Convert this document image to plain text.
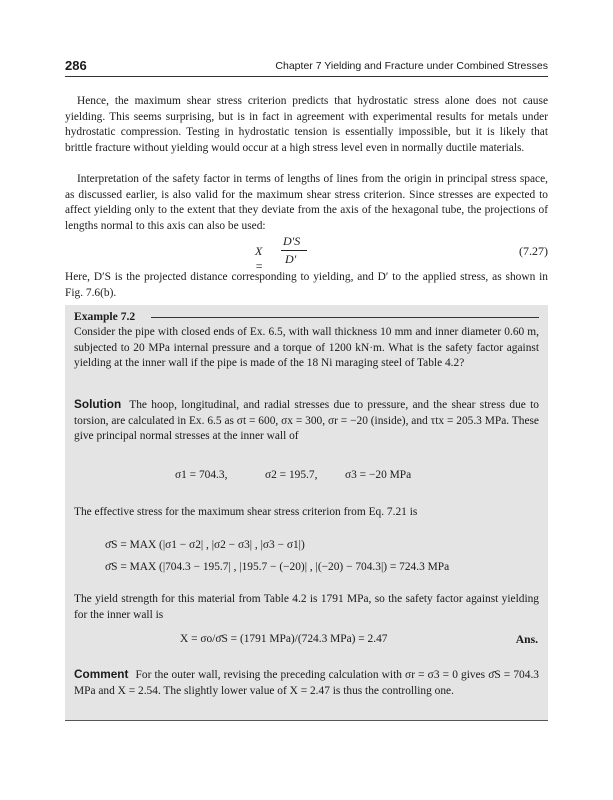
286	Chapter 7 Yielding and Fracture under Combined Stresses

Hence, the maximum shear stress criterion predicts that hydrostatic stress alone does not cause yielding. This seems surprising, but is in fact in agreement with experimental results for metals under hydrostatic compression. Testing in hydrostatic tension is essentially impossible, but it is likely that brittle fracture without yielding would occur at a high stress level even in normally ductile materials.

Interpretation of the safety factor in terms of lengths of lines from the origin in principal stress space, as discussed earlier, is also valid for the maximum shear stress criterion. Since stresses are expected to affect yielding only to the extent that they deviate from the axis of the hexagonal tube, the projections of lengths normal to this axis can also be used:

X =
D′S
D′
(7.27)

Here, D′S is the projected distance corresponding to yielding, and D′ to the applied stress, as shown in Fig. 7.6(b).

Example 7.2

Consider the pipe with closed ends of Ex. 6.5, with wall thickness 10 mm and inner diameter 0.60 m, subjected to 20 MPa internal pressure and a torque of 1200 kN·m. What is the safety factor against yielding at the inner wall if the pipe is made of the 18 Ni maraging steel of Table 4.2?

Solution The hoop, longitudinal, and radial stresses due to pressure, and the shear stress due to torsion, are calculated in Ex. 6.5 as σt = 600, σx = 300, σr = −20 (inside), and τtx = 205.3 MPa. These give principal normal stresses at the inner wall of

σ1 = 704.3,	σ2 = 195.7, σ3 = −20 MPa

The effective stress for the maximum shear stress criterion from Eq. 7.21 is

σ̄S = MAX (|σ1 − σ2| , |σ2 − σ3| , |σ3 − σ1|)
σ̄S = MAX (|704.3 − 195.7| , |195.7 − (−20)| , |(−20) − 704.3|) = 724.3 MPa

The yield strength for this material from Table 4.2 is 1791 MPa, so the safety factor against yielding for the inner wall is

X = σo/σ̄S = (1791 MPa)/(724.3 MPa) = 2.47	Ans.

Comment For the outer wall, revising the preceding calculation with σr = σ3 = 0 gives σ̄S = 704.3 MPa and X = 2.54. The slightly lower value of X = 2.47 is thus the controlling one.
